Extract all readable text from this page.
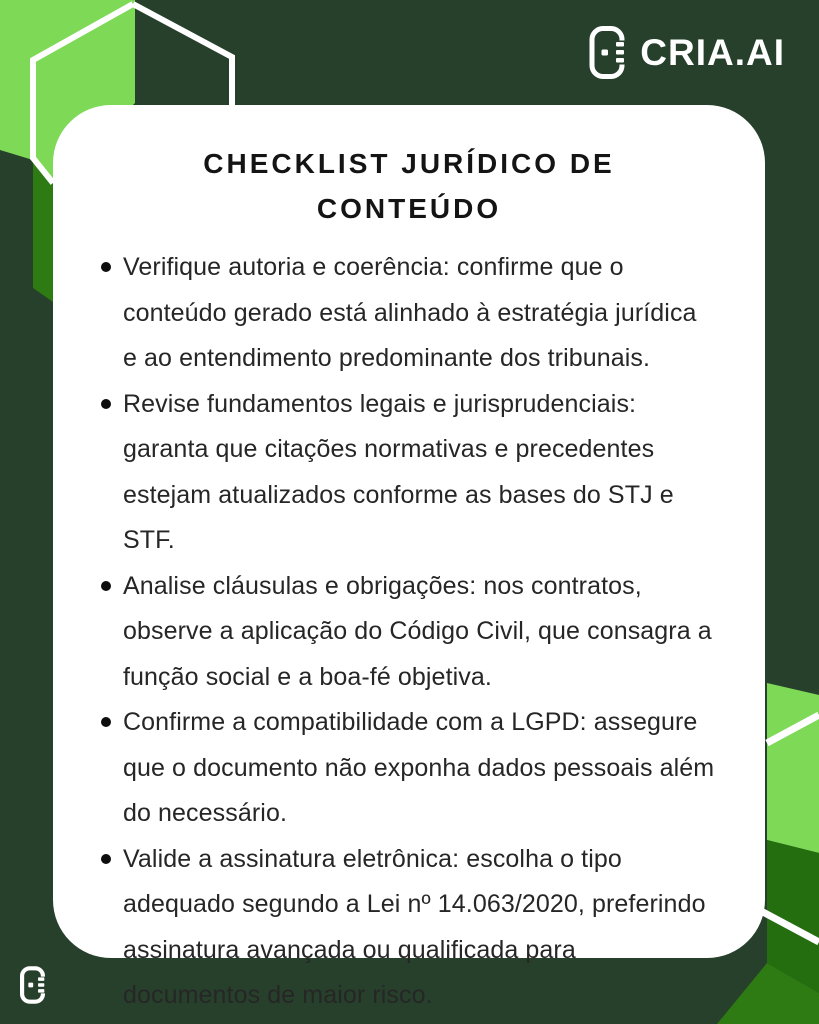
CRIA.AI
CHECKLIST JURÍDICO DE
CONTEÚDO
Verifique autoria e coerência: confirme que o conteúdo gerado está alinhado à estratégia jurídica e ao entendimento predominante dos tribunais.
Revise fundamentos legais e jurisprudenciais: garanta que citações normativas e precedentes estejam atualizados conforme as bases do STJ e STF.
Analise cláusulas e obrigações: nos contratos, observe a aplicação do Código Civil, que consagra a função social e a boa-fé objetiva.
Confirme a compatibilidade com a LGPD: assegure que o documento não exponha dados pessoais além do necessário.
Valide a assinatura eletrônica: escolha o tipo adequado segundo a Lei nº 14.063/2020, preferindo assinatura avançada ou qualificada para documentos de maior risco.
